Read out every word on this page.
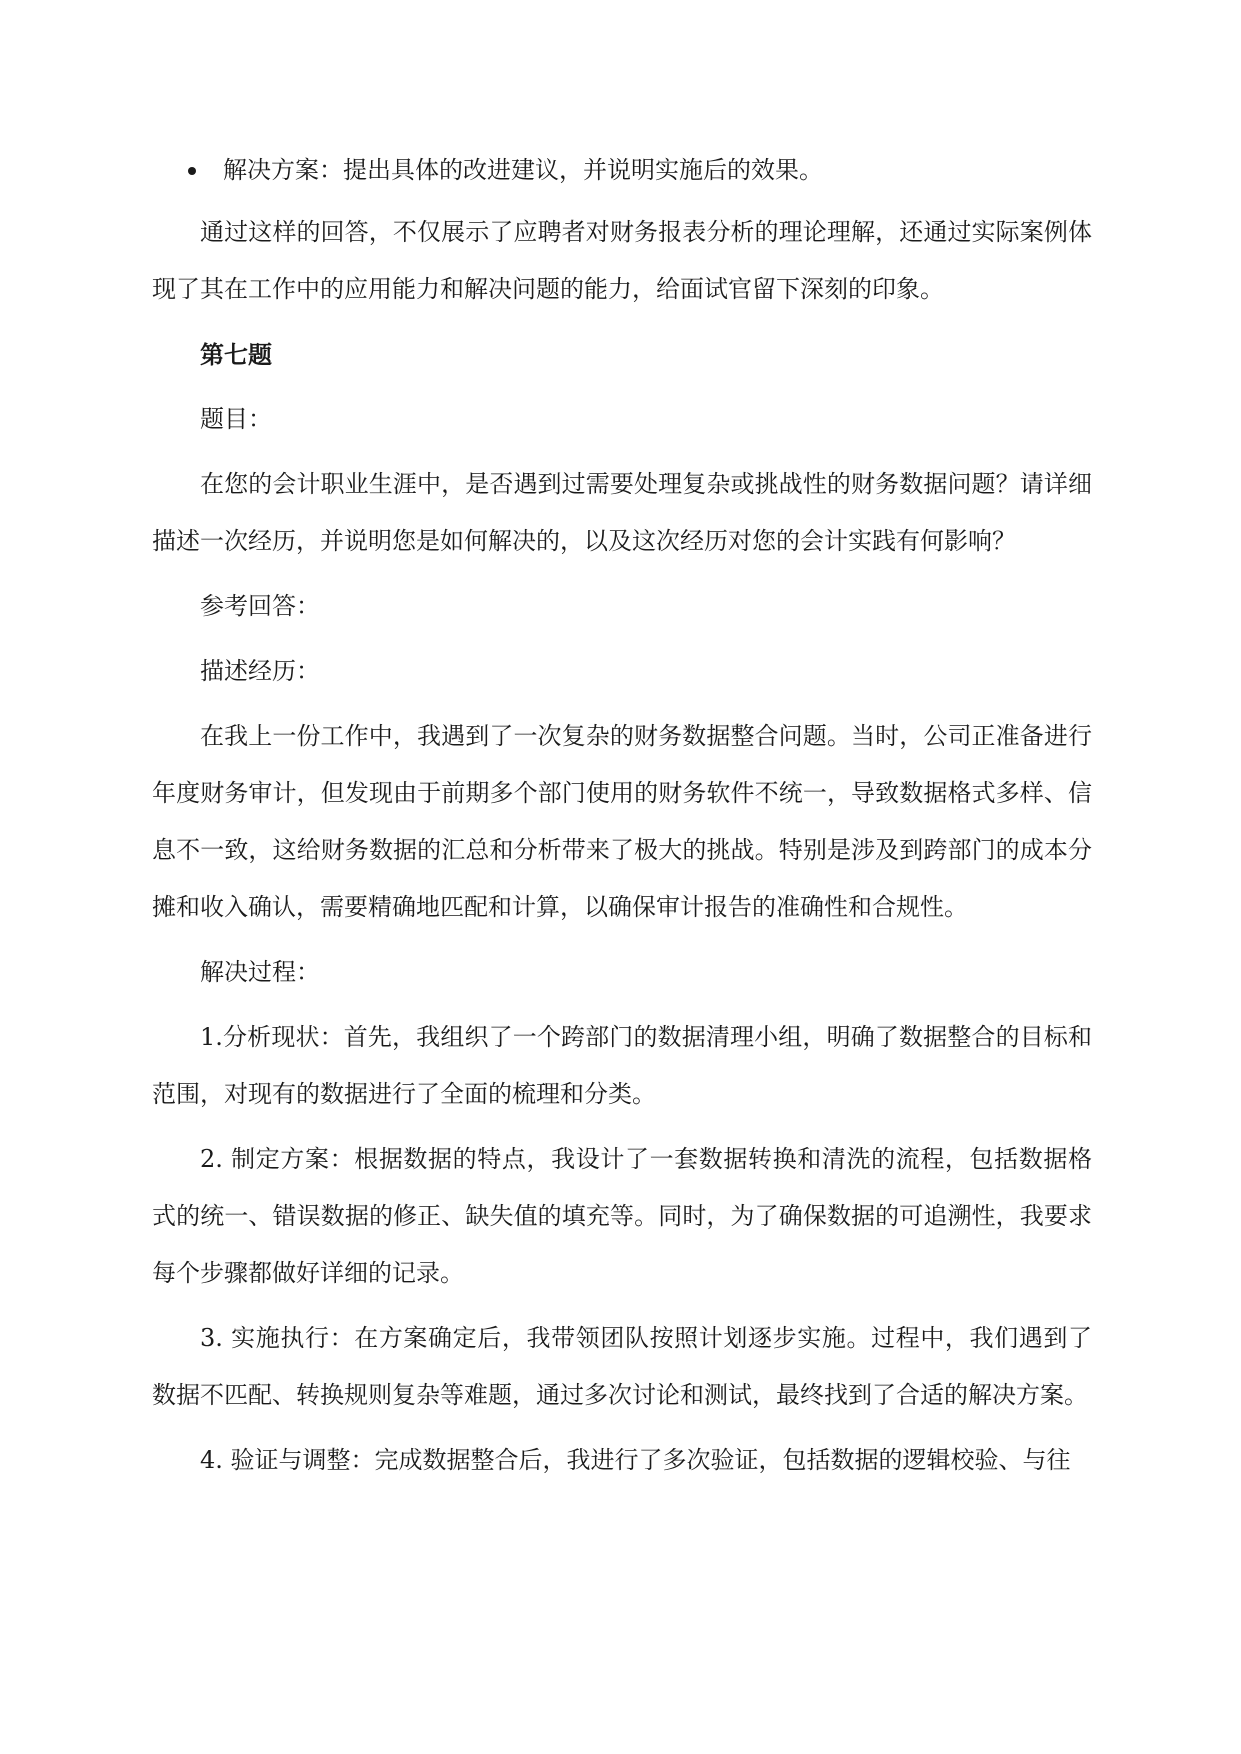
解决方案：提出具体的改进建议，并说明实施后的效果。

通过这样的回答，不仅展示了应聘者对财务报表分析的理论理解，还通过实际案例体现了其在工作中的应用能力和解决问题的能力，给面试官留下深刻的印象。

第七题

题目：

在您的会计职业生涯中，是否遇到过需要处理复杂或挑战性的财务数据问题？请详细描述一次经历，并说明您是如何解决的，以及这次经历对您的会计实践有何影响？

参考回答：

描述经历：

在我上一份工作中，我遇到了一次复杂的财务数据整合问题。当时，公司正准备进行年度财务审计，但发现由于前期多个部门使用的财务软件不统一，导致数据格式多样、信息不一致，这给财务数据的汇总和分析带来了极大的挑战。特别是涉及到跨部门的成本分摊和收入确认，需要精确地匹配和计算，以确保审计报告的准确性和合规性。

解决过程：

1.分析现状：首先，我组织了一个跨部门的数据清理小组，明确了数据整合的目标和范围，对现有的数据进行了全面的梳理和分类。

2. 制定方案：根据数据的特点，我设计了一套数据转换和清洗的流程，包括数据格式的统一、错误数据的修正、缺失值的填充等。同时，为了确保数据的可追溯性，我要求每个步骤都做好详细的记录。

3. 实施执行：在方案确定后，我带领团队按照计划逐步实施。过程中，我们遇到了数据不匹配、转换规则复杂等难题，通过多次讨论和测试，最终找到了合适的解决方案。

4. 验证与调整：完成数据整合后，我进行了多次验证，包括数据的逻辑校验、与往
